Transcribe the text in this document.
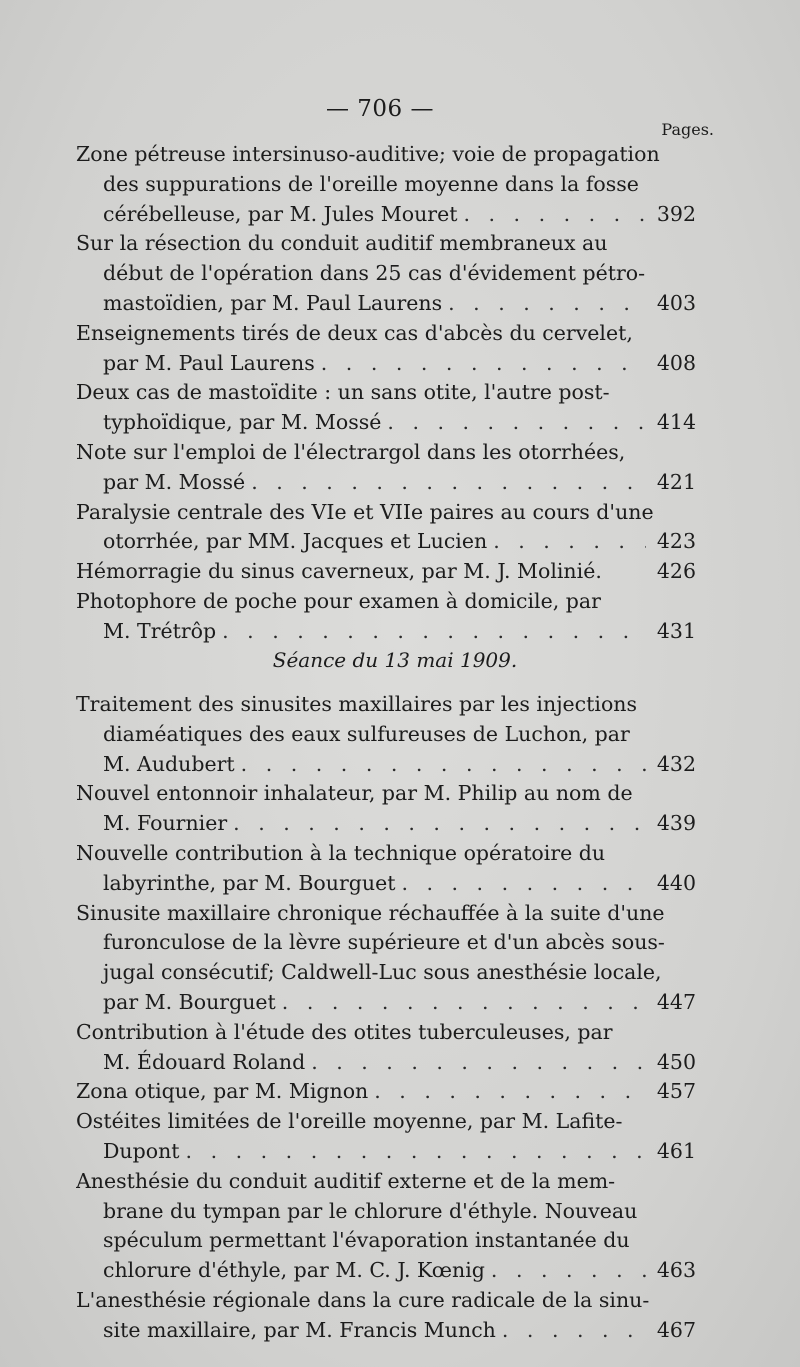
— 706 —
Pages.
Zone pétreuse intersinuso-auditive; voie de propagation
des suppurations de l'oreille moyenne dans la fosse
cérébelleuse, par M. Jules Mouret . . .	392
Sur la résection du conduit auditif membraneux au
début de l'opération dans 25 cas d'évidement pétro-
mastoïdien, par M. Paul Laurens . . .	403
Enseignements tirés de deux cas d'abcès du cervelet,
par M. Paul Laurens . . .	408
Deux cas de mastoïdite : un sans otite, l'autre post-
typhoïdique, par M. Mossé . . .	414
Note sur l'emploi de l'électrargol dans les otorrhées,
par M. Mossé . . .	421
Paralysie centrale des VIe et VIIe paires au cours d'une
otorrhée, par MM. Jacques et Lucien . . .	423
Hémorragie du sinus caverneux, par M. J. Molinié.	426
Photophore de poche pour examen à domicile, par
M. Trétrôp . . .	431
Séance du 13 mai 1909.
Traitement des sinusites maxillaires par les injections
diaméatiques des eaux sulfureuses de Luchon, par
M. Audubert . . .	432
Nouvel entonnoir inhalateur, par M. Philip au nom de
M. Fournier . . .	439
Nouvelle contribution à la technique opératoire du
labyrinthe, par M. Bourguet . . .	440
Sinusite maxillaire chronique réchauffée à la suite d'une
furonculose de la lèvre supérieure et d'un abcès sous-
jugal consécutif; Caldwell-Luc sous anesthésie locale,
par M. Bourguet . . .	447
Contribution à l'étude des otites tuberculeuses, par
M. Édouard Roland . . .	450
Zona otique, par M. Mignon . . .	457
Ostéites limitées de l'oreille moyenne, par M. Lafite-
Dupont . . .	461
Anesthésie du conduit auditif externe et de la mem-
brane du tympan par le chlorure d'éthyle. Nouveau
spéculum permettant l'évaporation instantanée du
chlorure d'éthyle, par M. C. J. Kœnig . . .	463
L'anesthésie régionale dans la cure radicale de la sinu-
site maxillaire, par M. Francis Munch . . .	467
